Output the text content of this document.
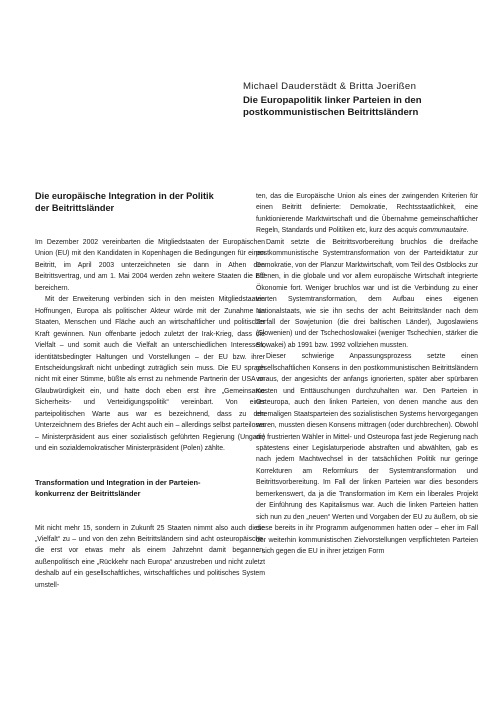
Michael Dauderstädt & Britta Joerißen
Die Europapolitik linker Parteien in den
postkommunistischen Beitrittsländern
Die europäische Integration in der Politik
der Beitrittsländer

Im Dezember 2002 vereinbarten die Mitgliedstaaten der Europäischen Union (EU) mit den Kandidaten in Kopenhagen die Bedingungen für einen Beitritt, im April 2003 unterzeichneten sie dann in Athen den Beitrittsvertrag, und am 1. Mai 2004 werden zehn weitere Staaten die EU bereichern.

Mit der Erweiterung verbinden sich in den meisten Mitgliedstaaten Hoffnungen, Europa als politischer Akteur würde mit der Zunahme an Staaten, Menschen und Fläche auch an wirtschaftlicher und politischer Kraft gewinnen. Nun offenbarte jedoch zuletzt der Irak-Krieg, dass die Vielfalt – und somit auch die Vielfalt an unterschiedlichen Interessen, identitätsbedingter Haltungen und Vorstellungen – der EU bzw. ihrer Entscheidungskraft nicht unbedingt zuträglich sein muss. Die EU sprach nicht mit einer Stimme, büßte als ernst zu nehmende Partnerin der USA an Glaubwürdigkeit ein, und hatte doch eben erst ihre „Gemeinsame Sicherheits- und Verteidigungspolitik“ vereinbart. Von einer parteipolitischen Warte aus war es bezeichnend, dass zu den Unterzeichnern des Briefes der Acht auch ein – allerdings selbst parteiloser – Ministerpräsident aus einer sozialistisch geführten Regierung (Ungarn) und ein sozialdemokratischer Ministerpräsident (Polen) zählte.

Transformation und Integration in der Parteien-
konkurrenz der Beitrittsländer

Mit nicht mehr 15, sondern in Zukunft 25 Staaten nimmt also auch diese „Vielfalt“ zu – und von den zehn Beitrittsländern sind acht osteuropäische, die erst vor etwas mehr als einem Jahrzehnt damit begannen, außenpolitisch eine „Rückkehr nach Europa“ anzustreben und nicht zuletzt deshalb auf ein gesellschaftliches, wirtschaftliches und politisches System umstell-

ten, das die Europäische Union als eines der zwingenden Kriterien für einen Beitritt definierte: Demokratie, Rechtsstaatlichkeit, eine funktionierende Marktwirtschaft und die Übernahme gemeinschaftlicher Regeln, Standards und Politiken etc, kurz des acquis communautaire.

Damit setzte die Beitrittsvorbereitung bruchlos die dreifache postkommunistische Systemtransformation von der Parteidiktatur zur Demokratie, von der Planzur Marktwirtschaft, vom Teil des Ostblocks zur offenen, in die globale und vor allem europäische Wirtschaft integrierte Ökonomie fort. Weniger bruchlos war und ist die Verbindung zu einer vierten Systemtransformation, dem Aufbau eines eigenen Nationalstaats, wie sie ihn sechs der acht Beitrittsländer nach dem Zerfall der Sowjetunion (die drei baltischen Länder), Jugoslawiens (Slowenien) und der Tschechoslowakei (weniger Tschechien, stärker die Slowakei) ab 1991 bzw. 1992 vollziehen mussten.

Dieser schwierige Anpassungsprozess setzte einen gesellschaftlichen Konsens in den postkommunistischen Beitrittsländern voraus, der angesichts der anfangs ignorierten, später aber spürbaren Kosten und Enttäuschungen durchzuhalten war. Den Parteien in Osteuropa, auch den linken Parteien, von denen manche aus den ehemaligen Staatsparteien des sozialistischen Systems hervorgegangen waren, mussten diesen Konsens mittragen (oder durchbrechen). Obwohl die frustrierten Wähler in Mittel- und Osteuropa fast jede Regierung nach spätestens einer Legislaturperiode abstraften und abwählten, gab es nach jedem Machtwechsel in der tatsächlichen Politik nur geringe Korrekturen am Reformkurs der Systemtransformation und Beitrittsvorbereitung. Im Fall der linken Parteien war dies besonders bemerkenswert, da ja die Transformation im Kern ein liberales Projekt der Einführung des Kapitalismus war. Auch die linken Parteien hatten sich nun zu den „neuen“ Werten und Vorgaben der EU zu äußern, ob sie diese bereits in ihr Programm aufgenommen hatten oder – eher im Fall der weiterhin kommunistischen Zielvorstellungen verpflichteten Parteien – sich gegen die EU in ihrer jetzigen Form
